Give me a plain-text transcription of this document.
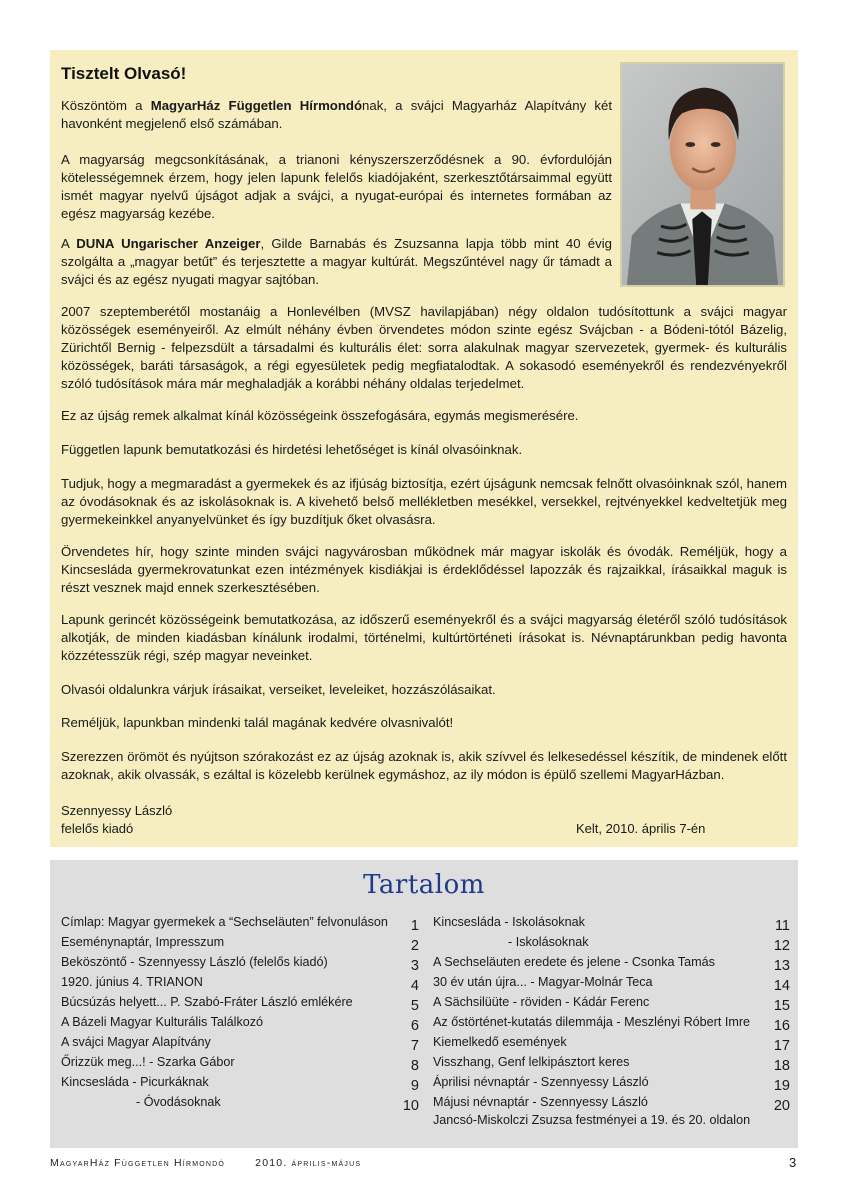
Tisztelt Olvasó!

Köszöntöm a MagyarHáz Független Hírmondónak, a svájci Magyarház Alapítvány két havonként megjelenő első számában.

A magyarság megcsonkításának, a trianoni kényszerszerződésnek a 90. évfordulóján kötelességemnek érzem, hogy jelen lapunk felelős kiadójaként, szerkesztőtársaimmal együtt ismét magyar nyelvű újságot adjak a svájci, a nyugat-európai és internetes formában az egész magyarság kezébe.

A DUNA Ungarischer Anzeiger, Gilde Barnabás és Zsuzsanna lapja több mint 40 évig szolgálta a „magyar betűt” és terjesztette a magyar kultúrát. Megszűntével nagy űr támadt a svájci és az egész nyugati magyar sajtóban.

2007 szeptemberétől mostanáig a Honlevélben (MVSZ havilapjában) négy oldalon tudósítottunk a svájci magyar közösségek eseményeiről. Az elmúlt néhány évben örvendetes módon szinte egész Svájcban - a Bódeni-tótól Bázelig, Zürichtől Bernig - felpezsdült a társadalmi és kulturális élet: sorra alakulnak magyar szervezetek, gyermek- és kulturális közösségek, baráti társaságok, a régi egyesületek pedig megfiatalodtak. A sokasodó eseményekről és rendezvényekről szóló tudósítások mára már meghaladják a korábbi néhány oldalas terjedelmet.

Ez az újság remek alkalmat kínál közösségeink összefogására, egymás megismerésére.

Független lapunk bemutatkozási és hirdetési lehetőséget is kínál olvasóinknak.

Tudjuk, hogy a megmaradást a gyermekek és az ifjúság biztosítja, ezért újságunk nemcsak felnőtt olvasóinknak szól, hanem az óvodásoknak és az iskolásoknak is. A kivehető belső mellékletben mesékkel, versekkel, rejtvényekkel kedveltetjük meg gyermekeinkkel anyanyelvünket és így buzdítjuk őket olvasásra.

Örvendetes hír, hogy szinte minden svájci nagyvárosban működnek már magyar iskolák és óvodák. Reméljük, hogy a Kincsesláda gyermekrovatunkat ezen intézmények kisdiákjai is érdeklődéssel lapozzák és rajzaikkal, írásaikkal maguk is részt vesznek majd ennek szerkesztésében.

Lapunk gerincét közösségeink bemutatkozása, az időszerű eseményekről és a svájci magyarság életéről szóló tudósítások alkotják, de minden kiadásban kínálunk irodalmi, történelmi, kultúrtörténeti írásokat is. Névnaptárunkban pedig havonta közzétesszük régi, szép magyar neveinket.

Olvasói oldalunkra várjuk írásaikat, verseiket, leveleiket, hozzászólásaikat.

Reméljük, lapunkban mindenki talál magának kedvére olvasnivalót!

Szerezzen örömöt és nyújtson szórakozást ez az újság azoknak is, akik szívvel és lelkesedéssel készítik, de mindenek előtt azoknak, akik olvassák, s ezáltal is közelebb kerülnek egymáshoz, az ily módon is épülő szellemi MagyarHázban.

Szennyessy László
felelős kiadó	Kelt, 2010. április 7-én
Tartalom
Címlap: Magyar gyermekek a “Sechseläuten” felvonuláson 1
Eseménynaptár, Impresszum	2
Beköszöntő - Szennyessy László (felelős kiadó)	3
1920. június 4. TRIANON	4
Búcsúzás helyett... P. Szabó-Fráter László emlékére	5
A Bázeli Magyar Kulturális Találkozó	6
A svájci Magyar Alapítvány	7
Őrizzük meg...! - Szarka Gábor	8
Kincsesláda - Picurkáknak	9
- Óvodásoknak	10
Kincsesláda - Iskolásoknak	11
- Iskolásoknak	12
A Sechseläuten eredete és jelene - Csonka Tamás	13
30 év után újra... - Magyar-Molnár Teca	14
A Sächsilüüte - röviden - Kádár Ferenc	15
Az őstörténet-kutatás dilemmája - Meszlényi Róbert Imre 16
Kiemelkedő események	17
Visszhang, Genf lelkipásztort keres	18
Áprilisi névnaptár - Szennyessy László	19
Májusi névnaptár - Szennyessy László	20
Jancsó-Miskolczi Zsuzsa festményei a 19. és 20. oldalon
MagyarHáz Független Hírmondó	2010. április-május	3
